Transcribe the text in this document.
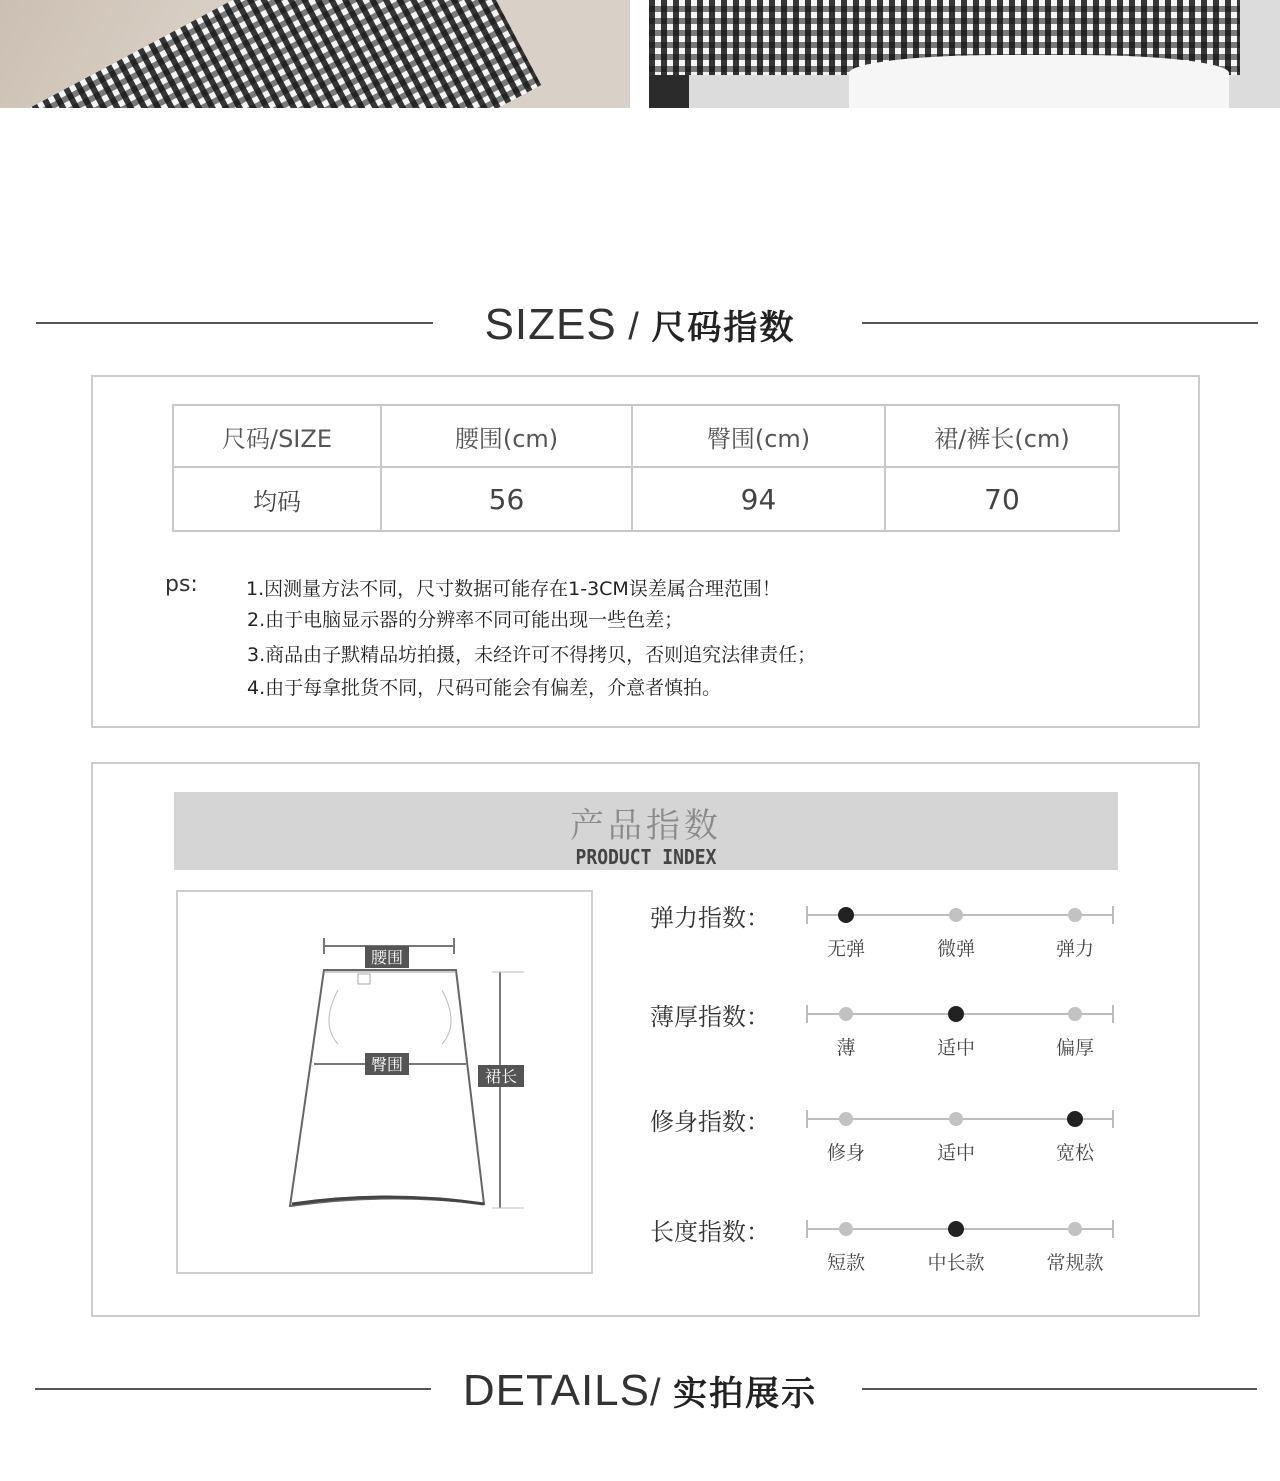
SIZES / 尺码指数
尺码/SIZE	腰围(cm)	臀围(cm)	裙/裤长(cm)
均码	56	94	70
ps:	1.因测量方法不同，尺寸数据可能存在1-3CM误差属合理范围！
2.由于电脑显示器的分辨率不同可能出现一些色差；
3.商品由子默精品坊拍摄，未经许可不得拷贝，否则追究法律责任；
4.由于每拿批货不同，尺码可能会有偏差，介意者慎拍。
产品指数
PRODUCT INDEX
腰围
臀围
裙长
弹力指数：
无弹	微弹	弹力
薄厚指数：
薄	适中	偏厚
修身指数：
修身	适中	宽松
长度指数：
短款	中长款	常规款
DETAILS/ 实拍展示
